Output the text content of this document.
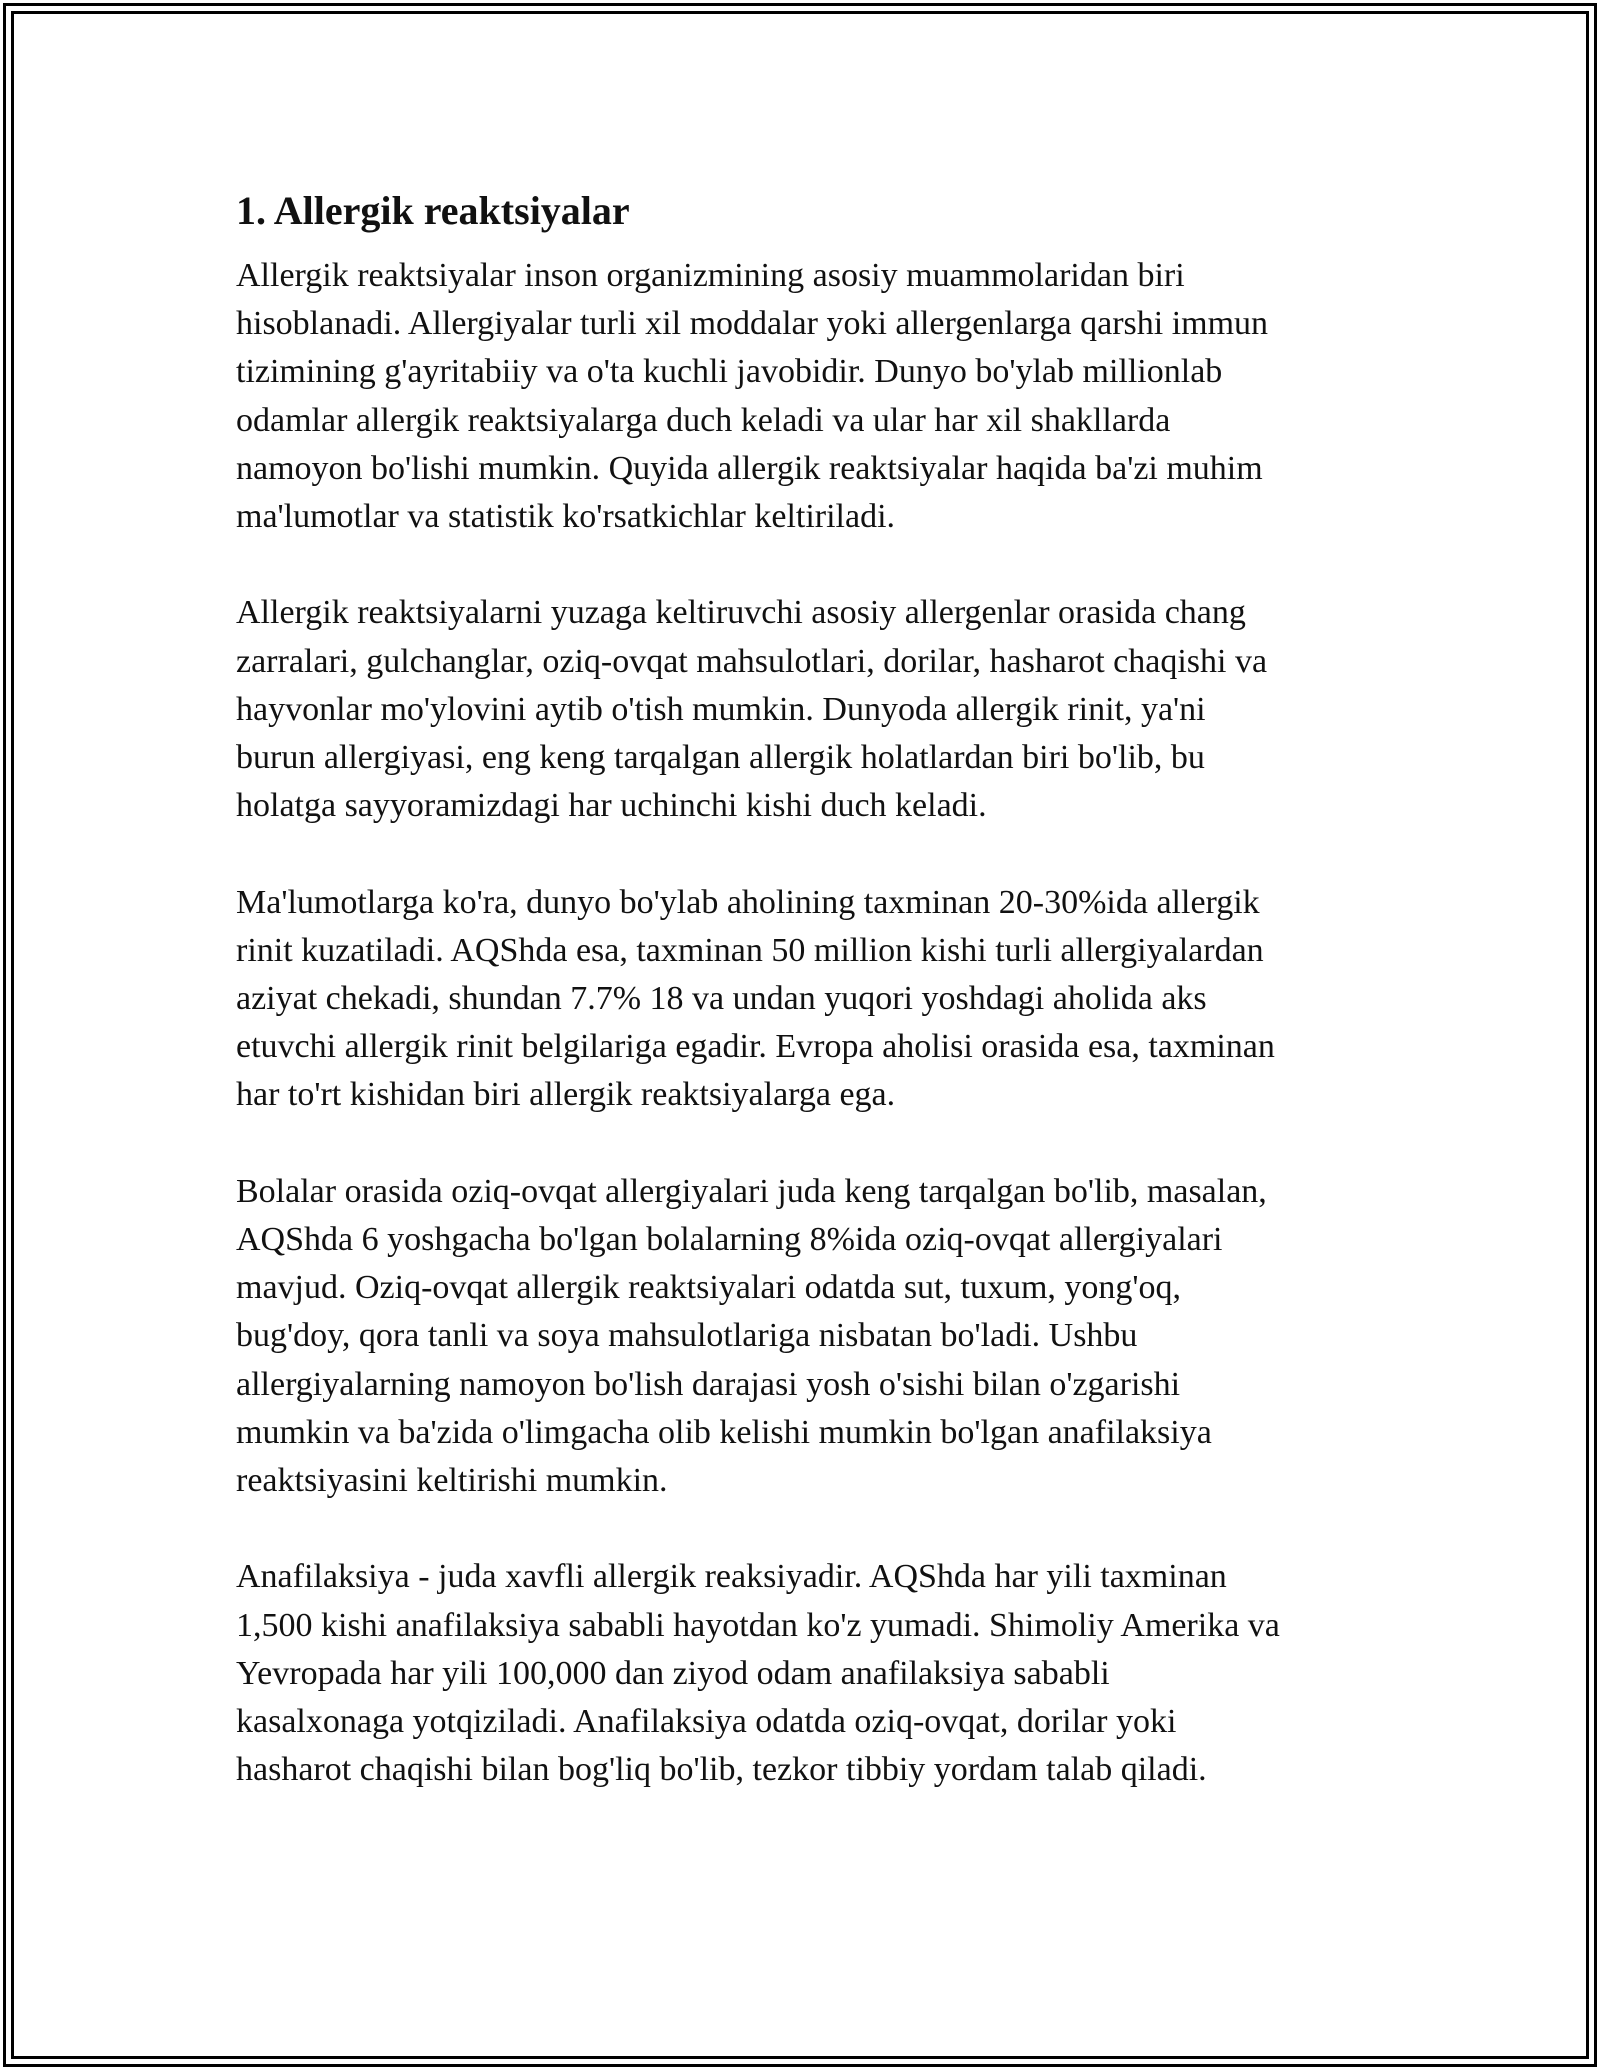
1. Allergik reaktsiyalar

Allergik reaktsiyalar inson organizmining asosiy muammolaridan biri
hisoblanadi. Allergiyalar turli xil moddalar yoki allergenlarga qarshi immun
tizimining g'ayritabiiy va o'ta kuchli javobidir. Dunyo bo'ylab millionlab
odamlar allergik reaktsiyalarga duch keladi va ular har xil shakllarda
namoyon bo'lishi mumkin. Quyida allergik reaktsiyalar haqida ba'zi muhim
ma'lumotlar va statistik ko'rsatkichlar keltiriladi.

Allergik reaktsiyalarni yuzaga keltiruvchi asosiy allergenlar orasida chang
zarralari, gulchanglar, oziq-ovqat mahsulotlari, dorilar, hasharot chaqishi va
hayvonlar mo'ylovini aytib o'tish mumkin. Dunyoda allergik rinit, ya'ni
burun allergiyasi, eng keng tarqalgan allergik holatlardan biri bo'lib, bu
holatga sayyoramizdagi har uchinchi kishi duch keladi.

Ma'lumotlarga ko'ra, dunyo bo'ylab aholining taxminan 20-30%ida allergik
rinit kuzatiladi. AQShda esa, taxminan 50 million kishi turli allergiyalardan
aziyat chekadi, shundan 7.7% 18 va undan yuqori yoshdagi aholida aks
etuvchi allergik rinit belgilariga egadir. Evropa aholisi orasida esa, taxminan
har to'rt kishidan biri allergik reaktsiyalarga ega.

Bolalar orasida oziq-ovqat allergiyalari juda keng tarqalgan bo'lib, masalan,
AQShda 6 yoshgacha bo'lgan bolalarning 8%ida oziq-ovqat allergiyalari
mavjud. Oziq-ovqat allergik reaktsiyalari odatda sut, tuxum, yong'oq,
bug'doy, qora tanli va soya mahsulotlariga nisbatan bo'ladi. Ushbu
allergiyalarning namoyon bo'lish darajasi yosh o'sishi bilan o'zgarishi
mumkin va ba'zida o'limgacha olib kelishi mumkin bo'lgan anafilaksiya
reaktsiyasini keltirishi mumkin.

Anafilaksiya - juda xavfli allergik reaksiyadir. AQShda har yili taxminan
1,500 kishi anafilaksiya sababli hayotdan ko'z yumadi. Shimoliy Amerika va
Yevropada har yili 100,000 dan ziyod odam anafilaksiya sababli
kasalxonaga yotqiziladi. Anafilaksiya odatda oziq-ovqat, dorilar yoki
hasharot chaqishi bilan bog'liq bo'lib, tezkor tibbiy yordam talab qiladi.
